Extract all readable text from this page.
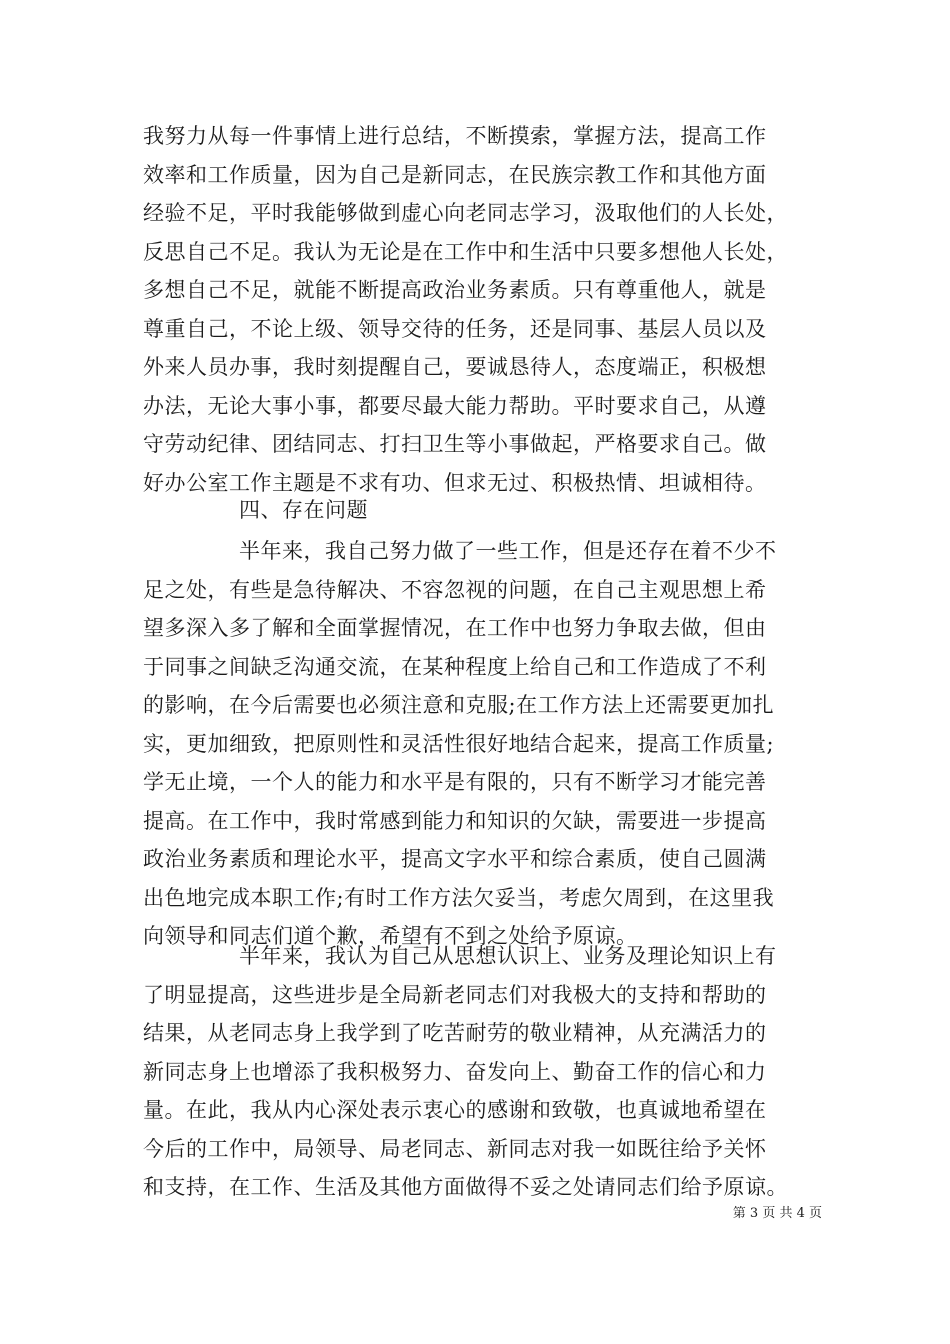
我努力从每一件事情上进行总结，不断摸索，掌握方法，提高工作
效率和工作质量，因为自己是新同志，在民族宗教工作和其他方面
经验不足，平时我能够做到虚心向老同志学习，汲取他们的人长处，
反思自己不足。我认为无论是在工作中和生活中只要多想他人长处，
多想自己不足，就能不断提高政治业务素质。只有尊重他人，就是
尊重自己，不论上级、领导交待的任务，还是同事、基层人员以及
外来人员办事，我时刻提醒自己，要诚恳待人，态度端正，积极想
办法，无论大事小事，都要尽最大能力帮助。平时要求自己，从遵
守劳动纪律、团结同志、打扫卫生等小事做起，严格要求自己。做
好办公室工作主题是不求有功、但求无过、积极热情、坦诚相待。
四、存在问题
半年来，我自己努力做了一些工作，但是还存在着不少不
足之处，有些是急待解决、不容忽视的问题，在自己主观思想上希
望多深入多了解和全面掌握情况，在工作中也努力争取去做，但由
于同事之间缺乏沟通交流，在某种程度上给自己和工作造成了不利
的影响，在今后需要也必须注意和克服;在工作方法上还需要更加扎
实，更加细致，把原则性和灵活性很好地结合起来，提高工作质量;
学无止境，一个人的能力和水平是有限的，只有不断学习才能完善
提高。在工作中，我时常感到能力和知识的欠缺，需要进一步提高
政治业务素质和理论水平，提高文字水平和综合素质，使自己圆满
出色地完成本职工作;有时工作方法欠妥当，考虑欠周到，在这里我
向领导和同志们道个歉，希望有不到之处给予原谅。
半年来，我认为自己从思想认识上、业务及理论知识上有
了明显提高，这些进步是全局新老同志们对我极大的支持和帮助的
结果，从老同志身上我学到了吃苦耐劳的敬业精神，从充满活力的
新同志身上也增添了我积极努力、奋发向上、勤奋工作的信心和力
量。在此，我从内心深处表示衷心的感谢和致敬，也真诚地希望在
今后的工作中，局领导、局老同志、新同志对我一如既往给予关怀
和支持，在工作、生活及其他方面做得不妥之处请同志们给予原谅。
第 3 页 共 4 页
